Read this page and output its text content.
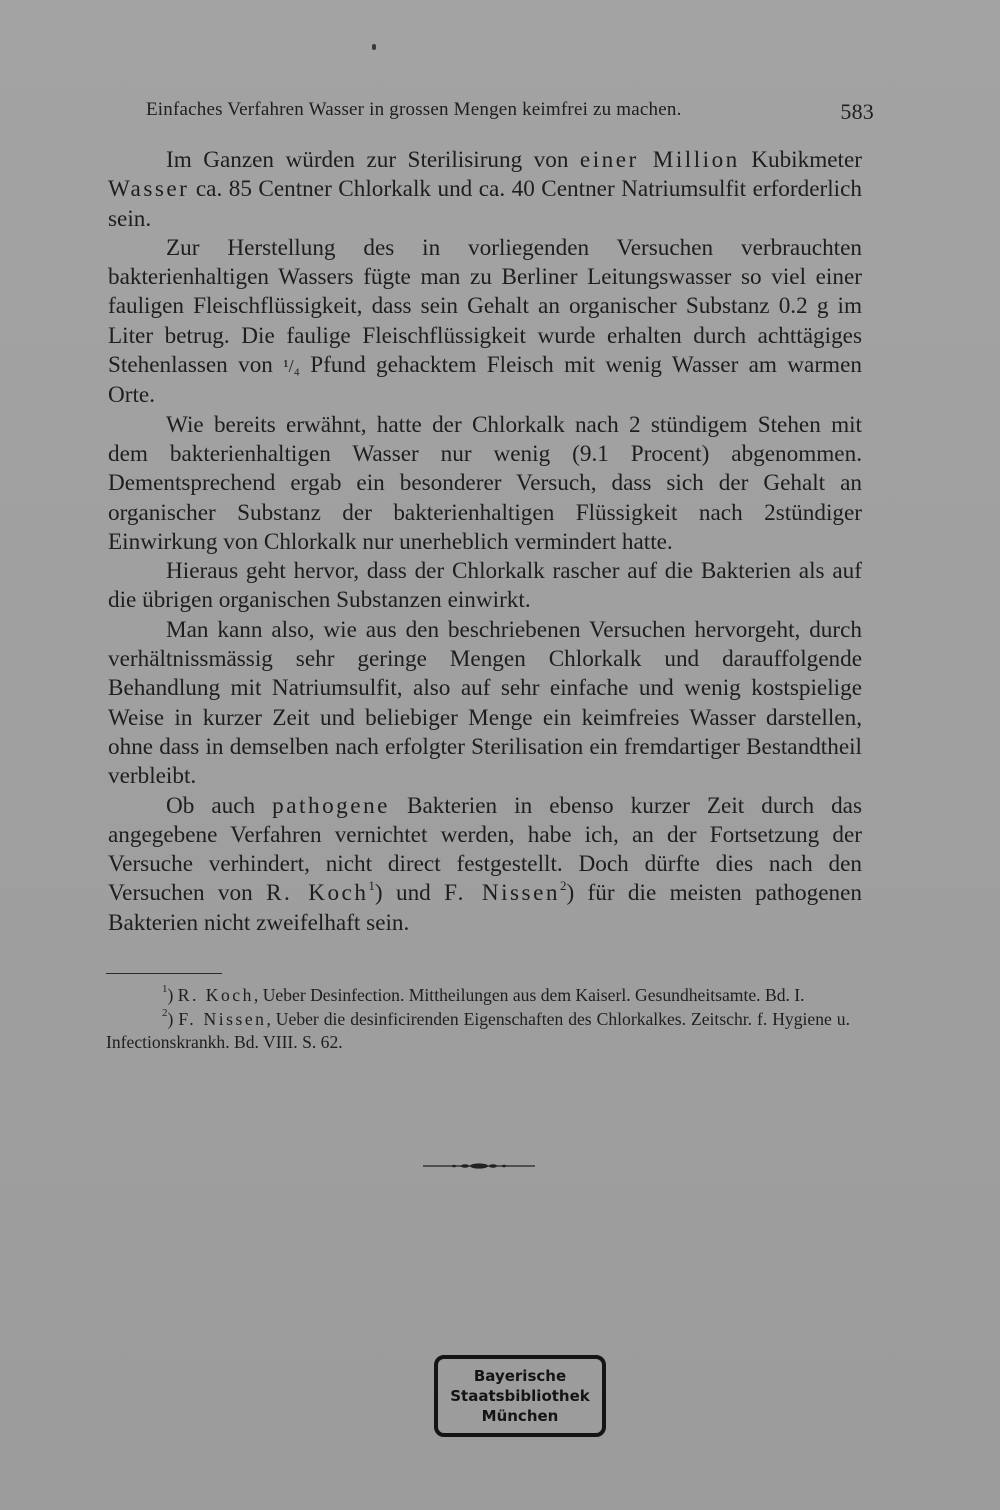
Einfaches Verfahren Wasser in grossen Mengen keimfrei zu machen.	583

Im Ganzen würden zur Sterilisirung von einer Million Kubikmeter Wasser ca. 85 Centner Chlorkalk und ca. 40 Centner Natriumsulfit erforderlich sein.

Zur Herstellung des in vorliegenden Versuchen verbrauchten bakterienhaltigen Wassers fügte man zu Berliner Leitungswasser so viel einer fauligen Fleischflüssigkeit, dass sein Gehalt an organischer Substanz 0.2 g im Liter betrug. Die faulige Fleischflüssigkeit wurde erhalten durch achttägiges Stehenlassen von ¹/₄ Pfund gehacktem Fleisch mit wenig Wasser am warmen Orte.

Wie bereits erwähnt, hatte der Chlorkalk nach 2 stündigem Stehen mit dem bakterienhaltigen Wasser nur wenig (9.1 Procent) abgenommen. Dementsprechend ergab ein besonderer Versuch, dass sich der Gehalt an organischer Substanz der bakterienhaltigen Flüssigkeit nach 2stündiger Einwirkung von Chlorkalk nur unerheblich vermindert hatte.

Hieraus geht hervor, dass der Chlorkalk rascher auf die Bakterien als auf die übrigen organischen Substanzen einwirkt.

Man kann also, wie aus den beschriebenen Versuchen hervorgeht, durch verhältnissmässig sehr geringe Mengen Chlorkalk und darauffolgende Behandlung mit Natriumsulfit, also auf sehr einfache und wenig kostspielige Weise in kurzer Zeit und beliebiger Menge ein keimfreies Wasser darstellen, ohne dass in demselben nach erfolgter Sterilisation ein fremdartiger Bestandtheil verbleibt.

Ob auch pathogene Bakterien in ebenso kurzer Zeit durch das angegebene Verfahren vernichtet werden, habe ich, an der Fortsetzung der Versuche verhindert, nicht direct festgestellt. Doch dürfte dies nach den Versuchen von R. Koch$^1$) und F. Nissen$^2$) für die meisten pathogenen Bakterien nicht zweifelhaft sein.

$^1$) R. Koch, Ueber Desinfection. Mittheilungen aus dem Kaiserl. Gesundheitsamte. Bd. I.

$^2$) F. Nissen, Ueber die desinficirenden Eigenschaften des Chlorkalkes. Zeitschr. f. Hygiene u. Infectionskrankh. Bd. VIII. S. 62.

Bayerische
Staatsbibliothek
München
